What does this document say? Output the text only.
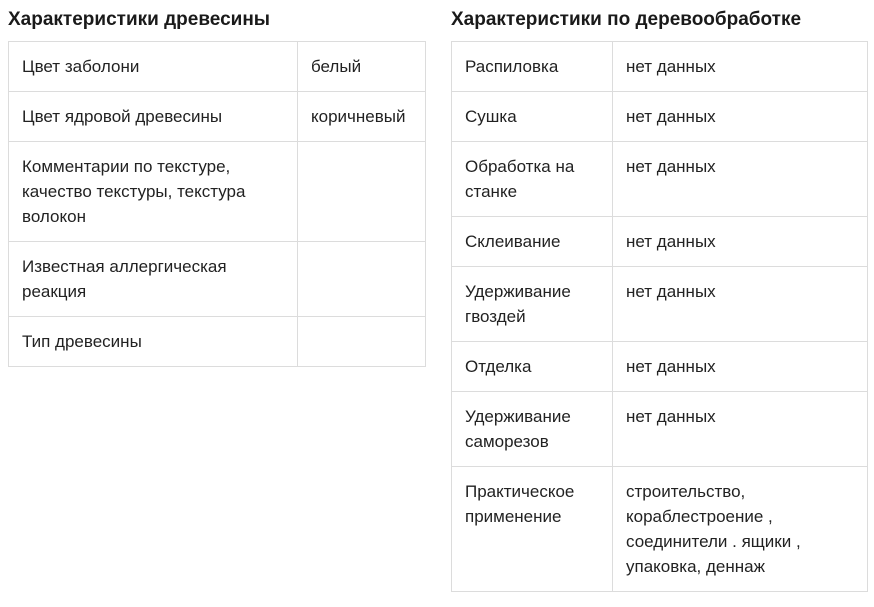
Характеристики древесины
Цвет заболони	белый
Цвет ядровой древесины	коричневый
Комментарии по текстуре, качество текстуры, текстура волокон	
Известная аллергическая реакция	
Тип древесины	
Характеристики по деревообработке
Распиловка	нет данных
Сушка	нет данных
Обработка на станке	нет данных
Склеивание	нет данных
Удерживание гвоздей	нет данных
Отделка	нет данных
Удерживание саморезов	нет данных
Практическое применение	строительство, кораблестроение , соединители . ящики , упаковка, деннаж
